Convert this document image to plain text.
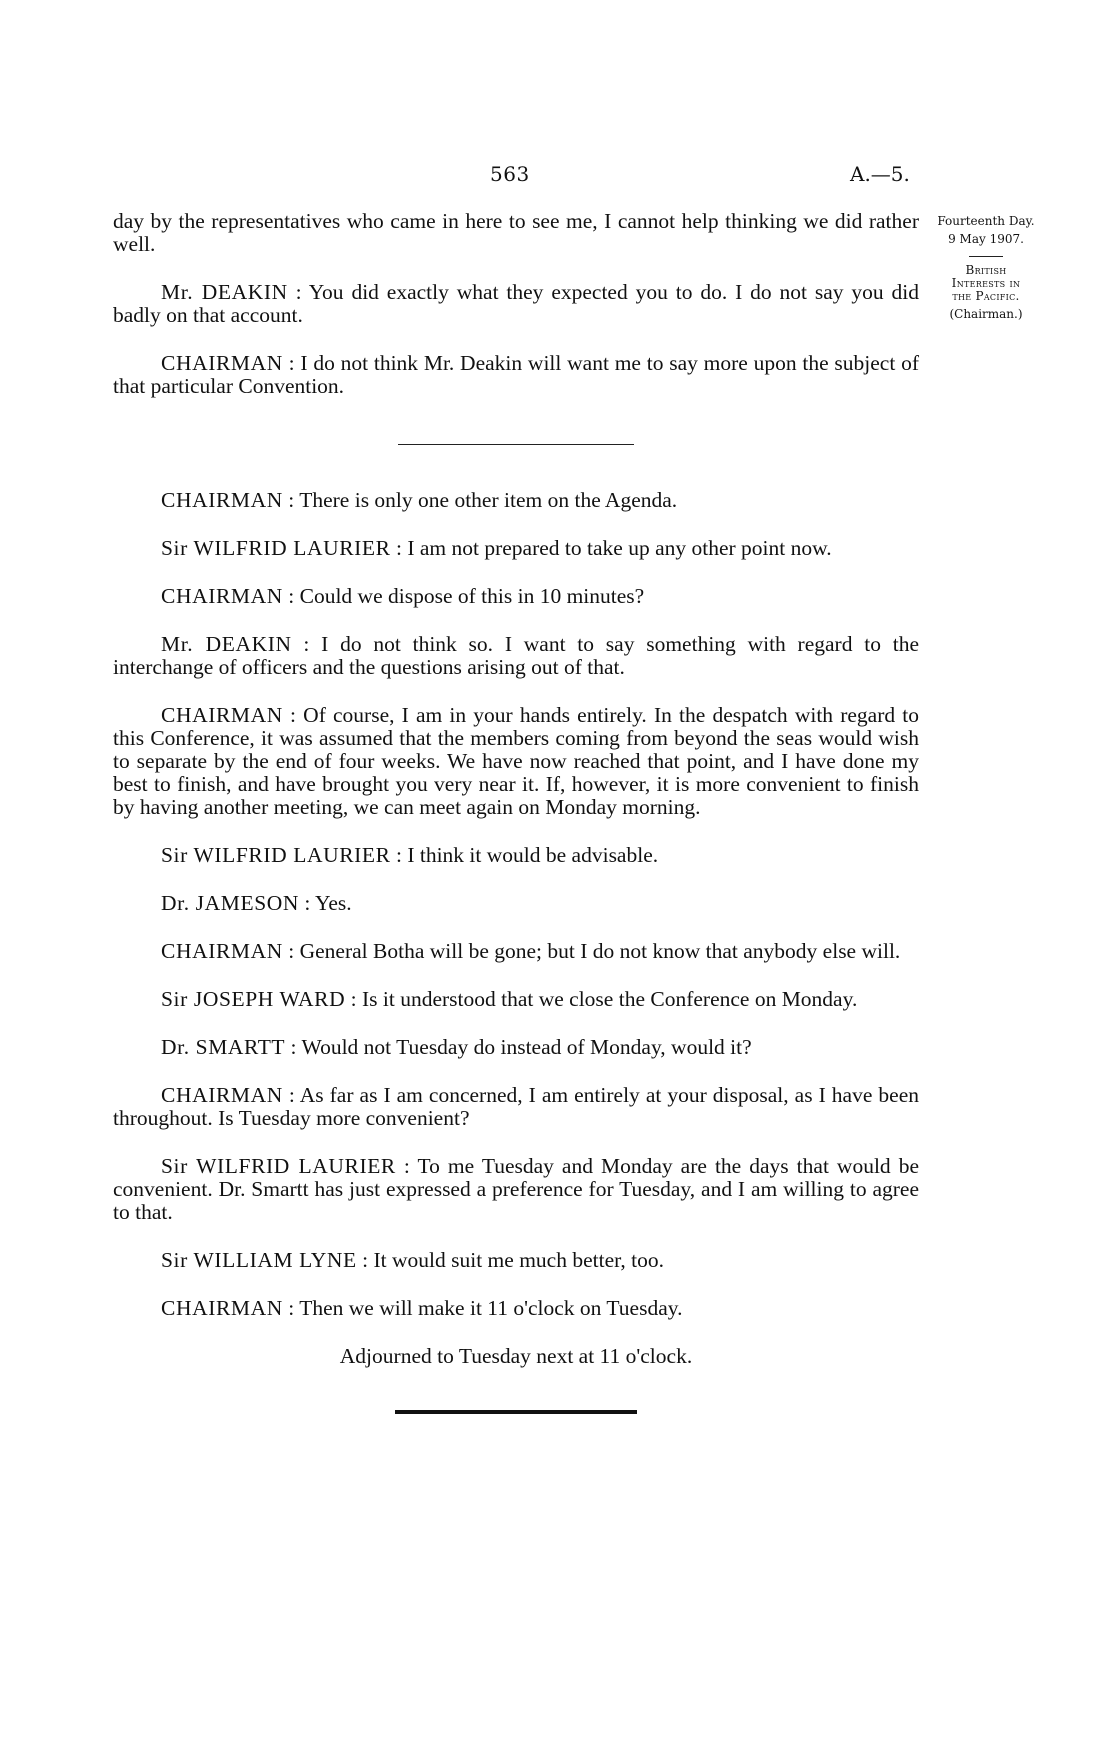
563	A.—5.
Fourteenth Day.
9 May 1907.
British
Interests in
the Pacific.
(Chairman.)

day by the representatives who came in here to see me, I cannot help thinking we did rather well.

Mr. DEAKIN : You did exactly what they expected you to do. I do not say you did badly on that account.

CHAIRMAN : I do not think Mr. Deakin will want me to say more upon the subject of that particular Convention.

CHAIRMAN : There is only one other item on the Agenda.

Sir WILFRID LAURIER : I am not prepared to take up any other point now.

CHAIRMAN : Could we dispose of this in 10 minutes?

Mr. DEAKIN : I do not think so. I want to say something with regard to the interchange of officers and the questions arising out of that.

CHAIRMAN : Of course, I am in your hands entirely. In the despatch with regard to this Conference, it was assumed that the members coming from beyond the seas would wish to separate by the end of four weeks. We have now reached that point, and I have done my best to finish, and have brought you very near it. If, however, it is more convenient to finish by having another meeting, we can meet again on Monday morning.

Sir WILFRID LAURIER : I think it would be advisable.

Dr. JAMESON : Yes.

CHAIRMAN : General Botha will be gone; but I do not know that anybody else will.

Sir JOSEPH WARD : Is it understood that we close the Conference on Monday.

Dr. SMARTT : Would not Tuesday do instead of Monday, would it?

CHAIRMAN : As far as I am concerned, I am entirely at your disposal, as I have been throughout. Is Tuesday more convenient?

Sir WILFRID LAURIER : To me Tuesday and Monday are the days that would be convenient. Dr. Smartt has just expressed a preference for Tuesday, and I am willing to agree to that.

Sir WILLIAM LYNE : It would suit me much better, too.

CHAIRMAN : Then we will make it 11 o'clock on Tuesday.

Adjourned to Tuesday next at 11 o'clock.
